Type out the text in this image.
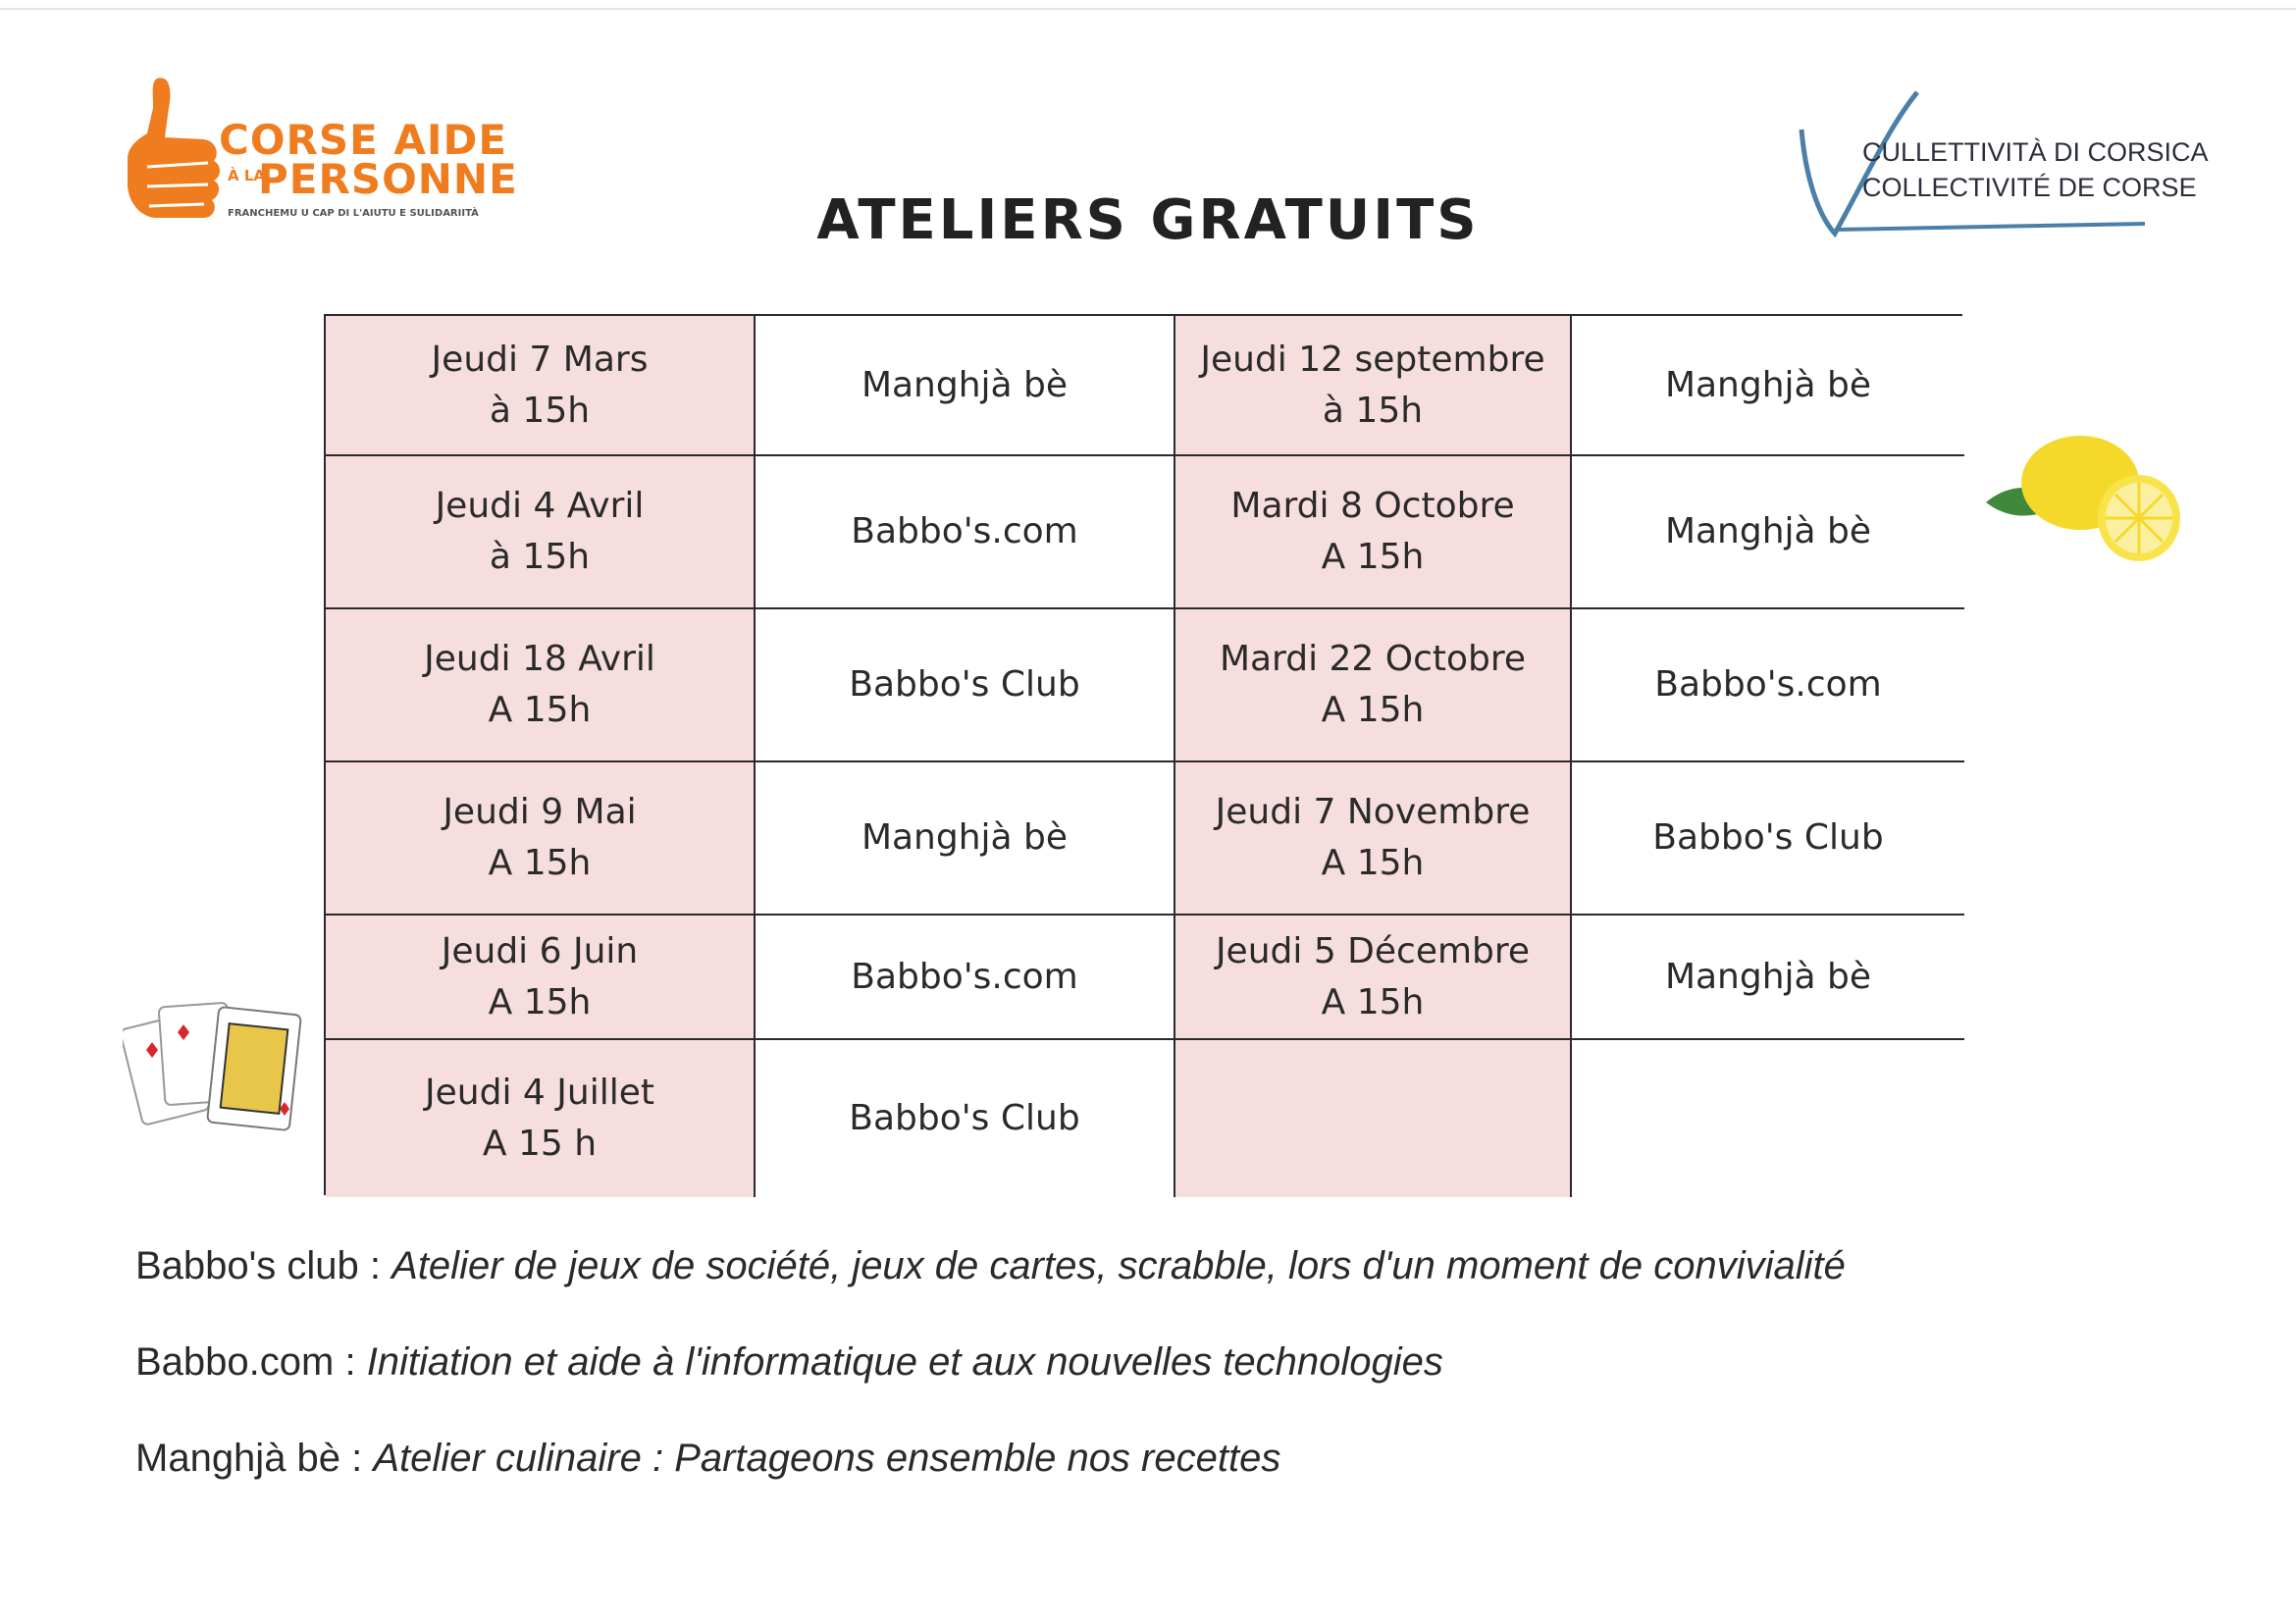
CORSE AIDE
À LA
PERSONNE
FRANCHEMU U CAP DI L'AIUTU E SULIDARIITÀ
CULLETTIVITÀ DI CORSICA
COLLECTIVITÉ DE CORSE
ATELIERS GRATUITS
Jeudi 7 Mars
à 15h
Manghjà bè
Jeudi 12 septembre
à 15h
Manghjà bè
Jeudi 4 Avril
à 15h
Babbo's.com
Mardi 8 Octobre
A 15h
Manghjà bè
Jeudi 18 Avril
A 15h
Babbo's Club
Mardi 22 Octobre
A 15h
Babbo's.com
Jeudi 9 Mai
A 15h
Manghjà bè
Jeudi 7 Novembre
A 15h
Babbo's Club
Jeudi 6 Juin
A 15h
Babbo's.com
Jeudi 5 Décembre
A 15h
Manghjà bè
Jeudi 4 Juillet
A 15 h
Babbo's Club
Babbo's club : Atelier de jeux de société, jeux de cartes, scrabble, lors d'un moment de convivialité
Babbo.com : Initiation et aide à l'informatique et aux nouvelles technologies
Manghjà bè : Atelier culinaire : Partageons ensemble nos recettes
